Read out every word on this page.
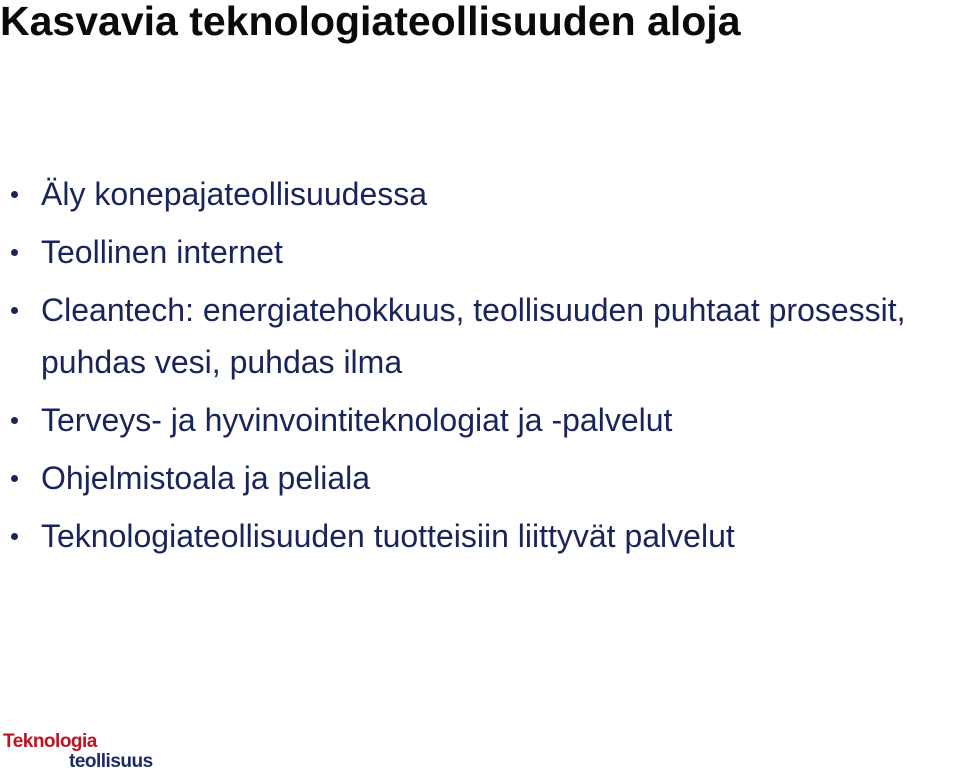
Kasvavia teknologiateollisuuden aloja
Äly konepajateollisuudessa
Teollinen internet
Cleantech: energiatehokkuus, teollisuuden puhtaat prosessit, puhdas vesi, puhdas ilma
Terveys- ja hyvinvointiteknologiat ja -palvelut
Ohjelmistoala ja peliala
Teknologiateollisuuden tuotteisiin liittyvät palvelut
Teknologia
teollisuus
